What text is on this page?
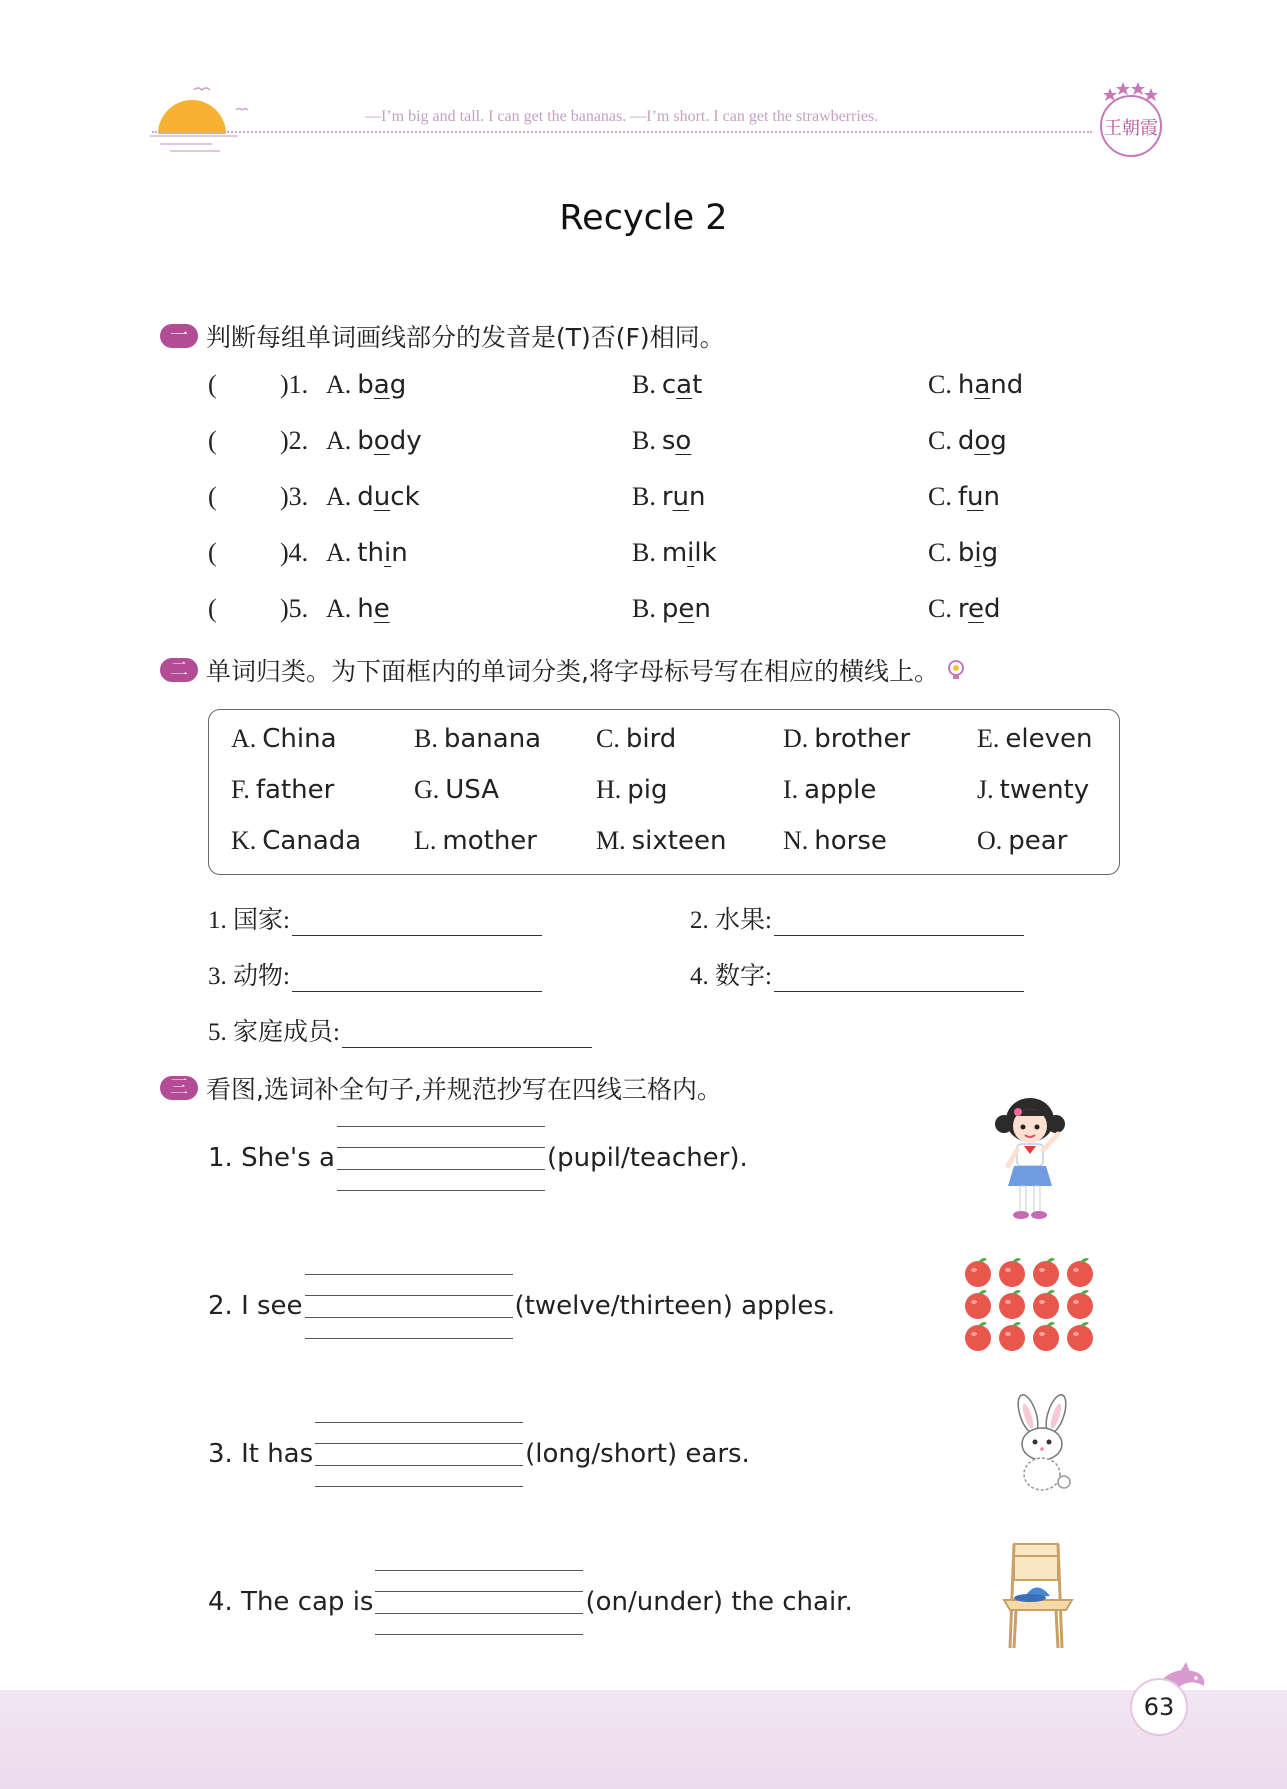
—I’m big and tall. I can get the bananas. —I’m short. I can get the strawberries.
王朝霞
Recycle 2
一 判断每组单词画线部分的发音是(T)否(F)相同。
( )1. A. bag	B. cat	C. hand
( )2. A. body	B. so	C. dog
( )3. A. duck	B. run	C. fun
( )4. A. thin	B. milk	C. big
( )5. A. he	B. pen	C. red
二 单词归类。为下面框内的单词分类,将字母标号写在相应的横线上。
A. China	B. banana C. bird	D. brother	E. eleven
F. father	G. USA	H. pig	I. apple	J. twenty
K. Canada L. mother M. sixteen N. horse	O. pear
1. 国家:	2. 水果:
3. 动物:	4. 数字:
5. 家庭成员:
三 看图,选词补全句子,并规范抄写在四线三格内。
1. She's a	(pupil/teacher).
2. I see	(twelve/thirteen) apples.
3. It has	(long/short) ears.
4. The cap is	(on/under) the chair.
63
